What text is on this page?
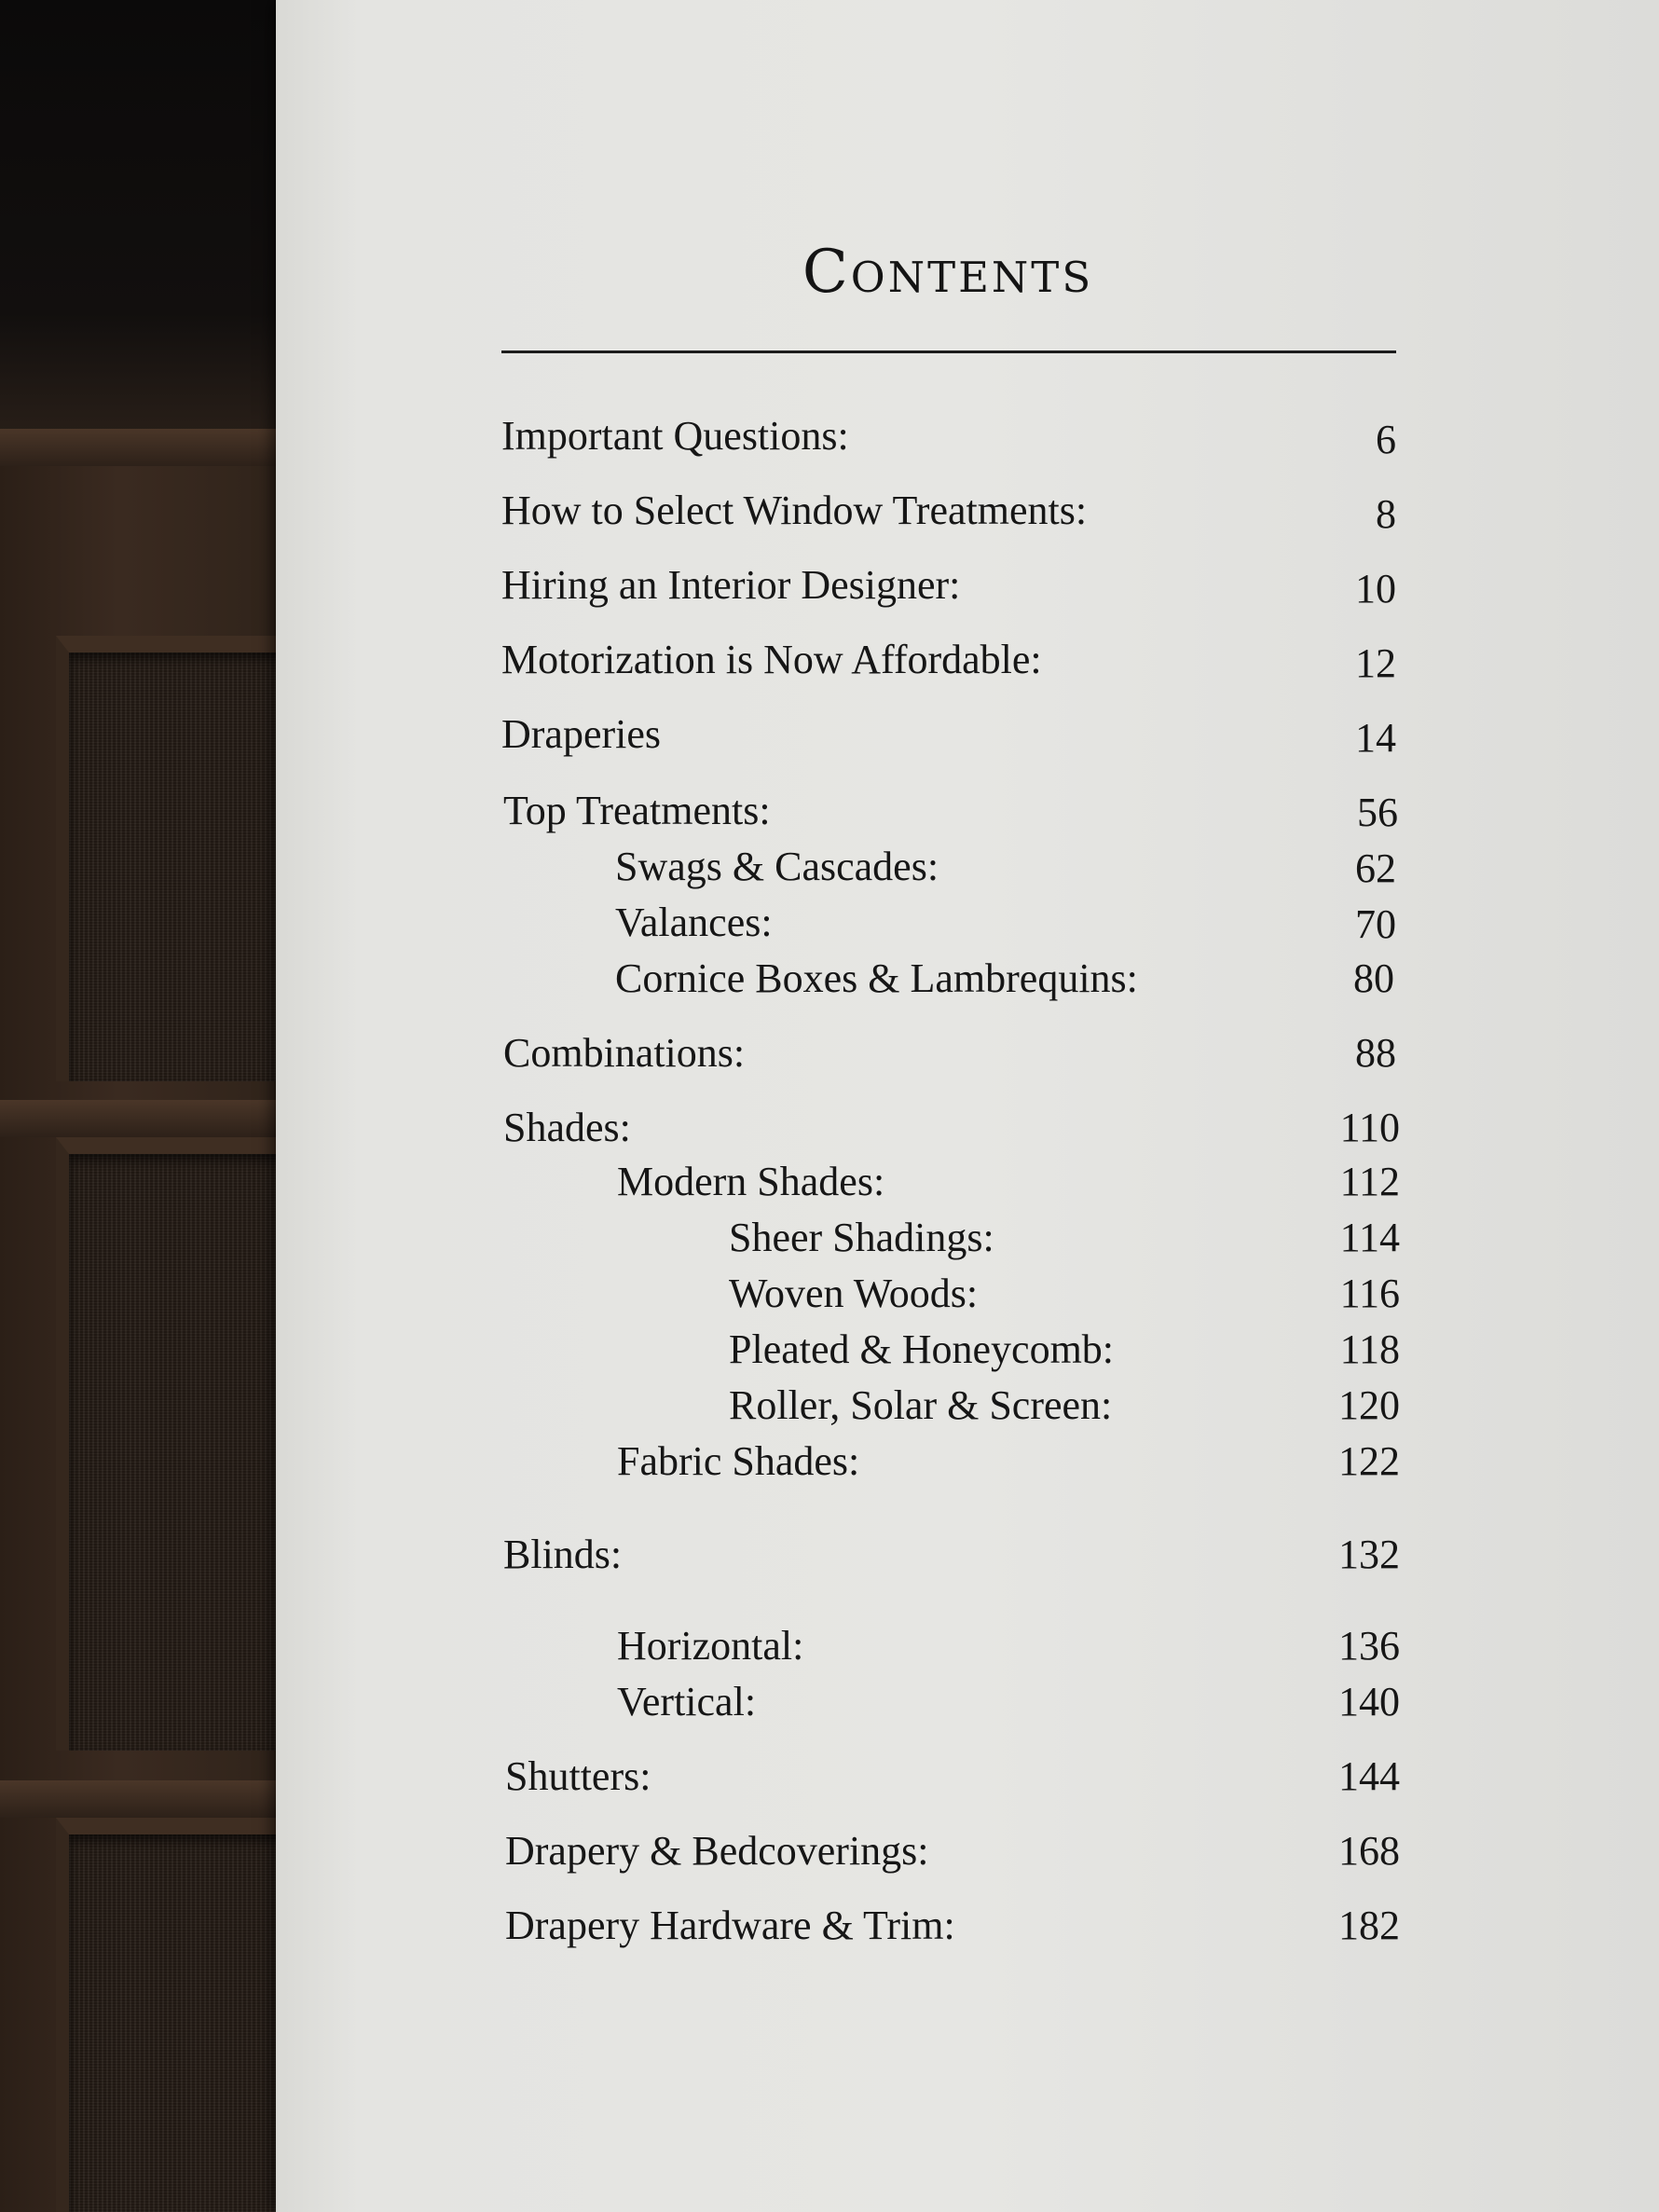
Contents
Important Questions:	6
How to Select Window Treatments:	8
Hiring an Interior Designer:	10
Motorization is Now Affordable:	12
Draperies	14
Top Treatments:	56
Swags & Cascades:	62
Valances:	70
Cornice Boxes & Lambrequins:	80
Combinations:	88
Shades:	110
Modern Shades:	112
Sheer Shadings:	114
Woven Woods:	116
Pleated & Honeycomb:	118
Roller, Solar & Screen:	120
Fabric Shades:	122
Blinds:	132
Horizontal:	136
Vertical:	140
Shutters:	144
Drapery & Bedcoverings:	168
Drapery Hardware & Trim:	182
